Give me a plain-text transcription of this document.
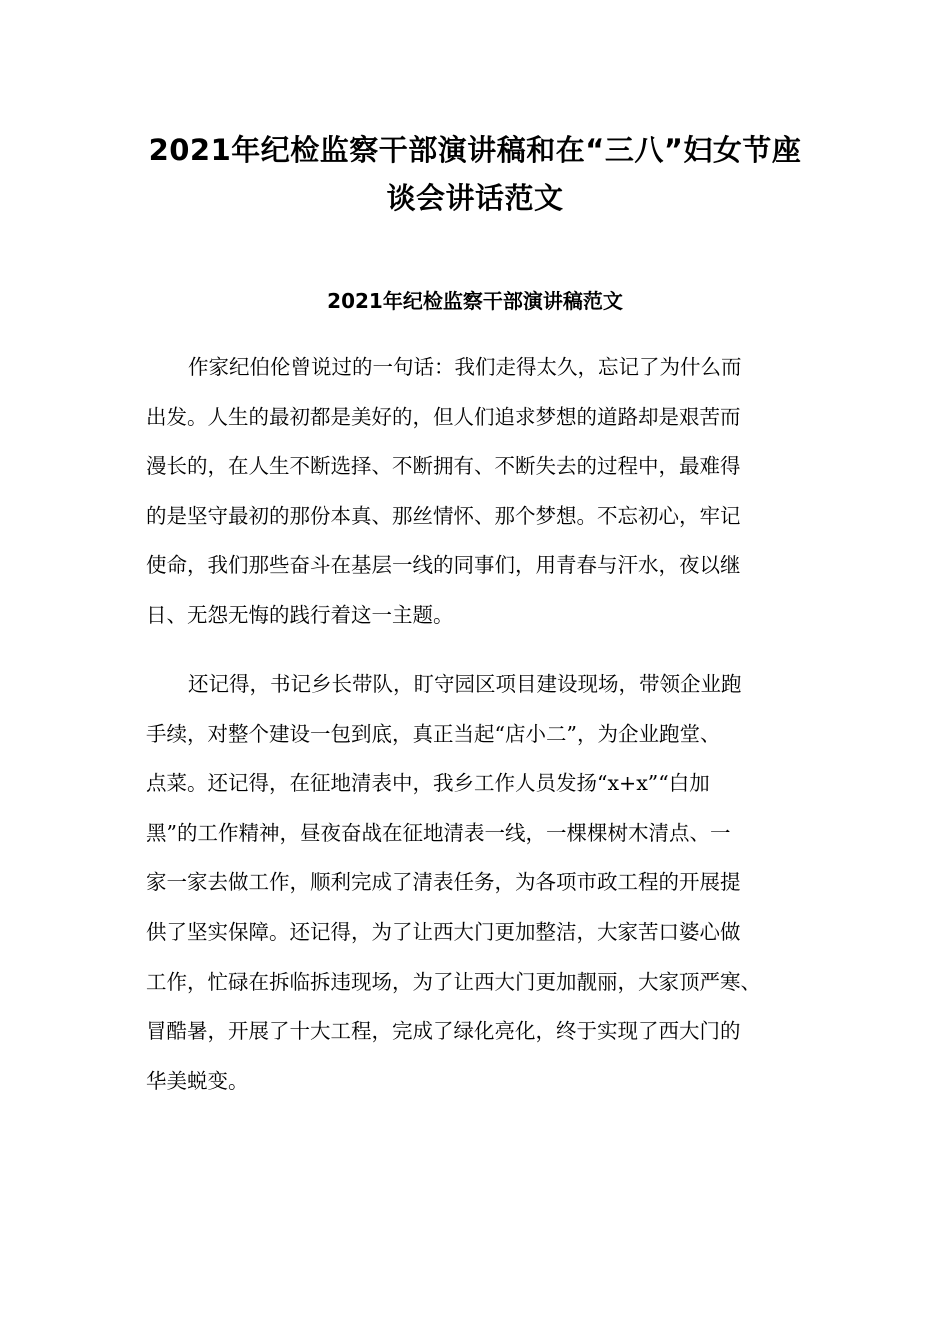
2021年纪检监察干部演讲稿和在“三八”妇女节座
谈会讲话范文
2021年纪检监察干部演讲稿范文
作家纪伯伦曾说过的一句话：我们走得太久，忘记了为什么而
出发。人生的最初都是美好的，但人们追求梦想的道路却是艰苦而
漫长的，在人生不断选择、不断拥有、不断失去的过程中，最难得
的是坚守最初的那份本真、那丝情怀、那个梦想。不忘初心，牢记
使命，我们那些奋斗在基层一线的同事们，用青春与汗水，夜以继
日、无怨无悔的践行着这一主题。
还记得，书记乡长带队，盯守园区项目建设现场，带领企业跑
手续，对整个建设一包到底，真正当起“店小二”，为企业跑堂、
点菜。还记得，在征地清表中，我乡工作人员发扬“x+x”“白加
黑”的工作精神，昼夜奋战在征地清表一线，一棵棵树木清点、一
家一家去做工作，顺利完成了清表任务，为各项市政工程的开展提
供了坚实保障。还记得，为了让西大门更加整洁，大家苦口婆心做
工作，忙碌在拆临拆违现场，为了让西大门更加靓丽，大家顶严寒、
冒酷暑，开展了十大工程，完成了绿化亮化，终于实现了西大门的
华美蜕变。
